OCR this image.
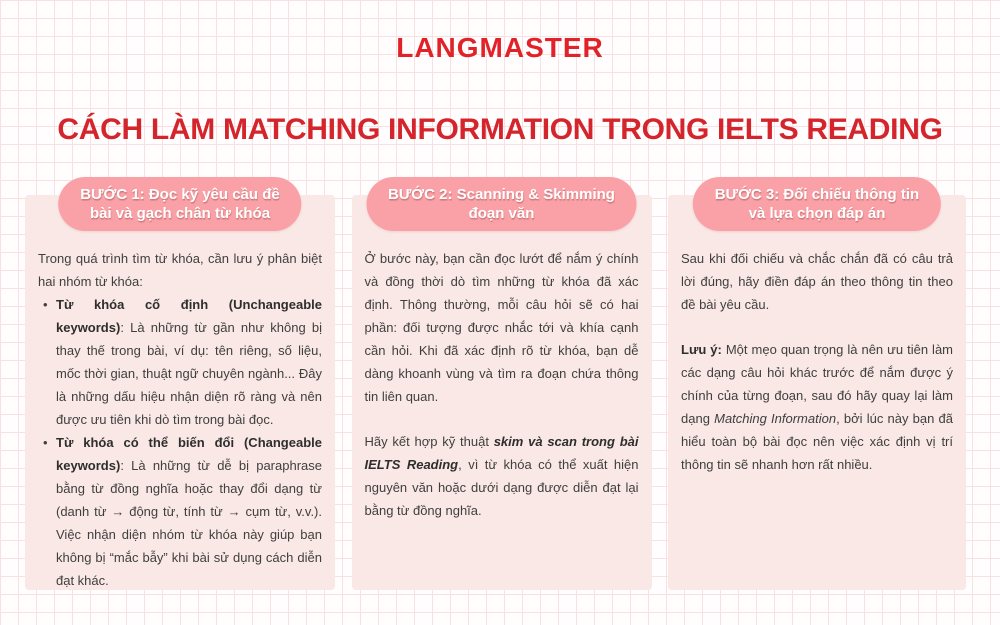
LANGMASTER
CÁCH LÀM MATCHING INFORMATION TRONG IELTS READING
BƯỚC 1: Đọc kỹ yêu cầu đề
bài và gạch chân từ khóa

Trong quá trình tìm từ khóa, cần lưu ý phân biệt hai nhóm từ khóa:

• Từ khóa cố định (Unchangeable keywords): Là những từ gần như không bị thay thế trong bài, ví dụ: tên riêng, số liệu, mốc thời gian, thuật ngữ chuyên ngành... Đây là những dấu hiệu nhận diện rõ ràng và nên được ưu tiên khi dò tìm trong bài đọc.
• Từ khóa có thể biến đổi (Changeable keywords): Là những từ dễ bị paraphrase bằng từ đồng nghĩa hoặc thay đổi dạng từ (danh từ → động từ, tính từ → cụm từ, v.v.). Việc nhận diện nhóm từ khóa này giúp bạn không bị “mắc bẫy” khi bài sử dụng cách diễn đạt khác.
BƯỚC 2: Scanning & Skimming
đoạn văn

Ở bước này, bạn cần đọc lướt để nắm ý chính và đồng thời dò tìm những từ khóa đã xác định. Thông thường, mỗi câu hỏi sẽ có hai phần: đối tượng được nhắc tới và khía cạnh cần hỏi. Khi đã xác định rõ từ khóa, bạn dễ dàng khoanh vùng và tìm ra đoạn chứa thông tin liên quan.

Hãy kết hợp kỹ thuật skim và scan trong bài IELTS Reading, vì từ khóa có thể xuất hiện nguyên văn hoặc dưới dạng được diễn đạt lại bằng từ đồng nghĩa.

BƯỚC 3: Đối chiếu thông tin
và lựa chọn đáp án

Sau khi đối chiếu và chắc chắn đã có câu trả lời đúng, hãy điền đáp án theo thông tin theo đề bài yêu cầu.

Lưu ý: Một mẹo quan trọng là nên ưu tiên làm các dạng câu hỏi khác trước để nắm được ý chính của từng đoạn, sau đó hãy quay lại làm dạng Matching Information, bởi lúc này bạn đã hiểu toàn bộ bài đọc nên việc xác định vị trí thông tin sẽ nhanh hơn rất nhiều.
